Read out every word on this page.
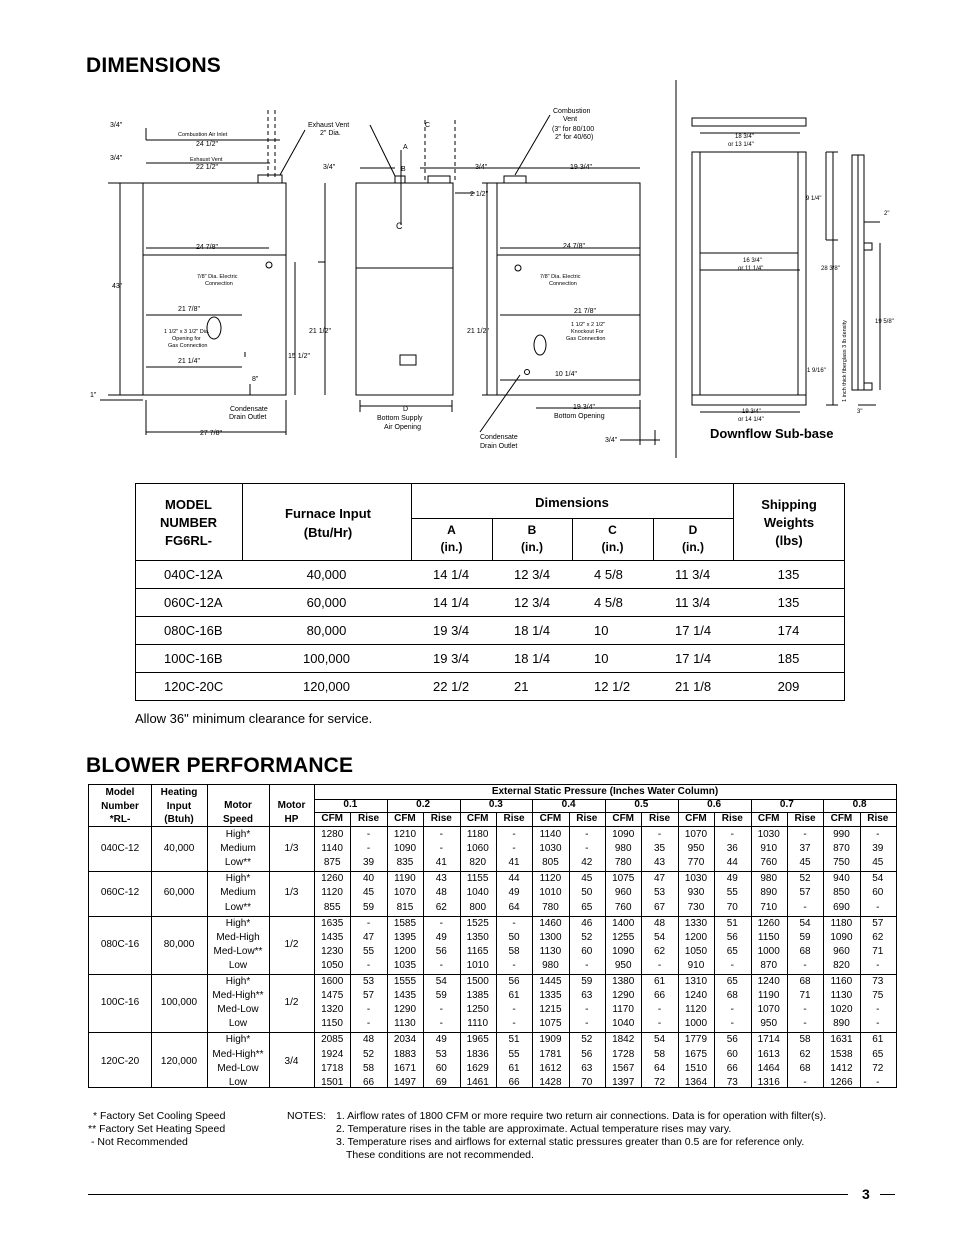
DIMENSIONS
3/4"
3/4"
Combustion Air Inlet
24 1/2"
Exhaust Vent
22 1/2"
24 7/8"
7/8" Dia. Electric
Connection
43"
21 7/8"
1 1/2" x 3 1/2" Dia.
Opening for
Gas Connection
21 1/4"
21 1/2"
15 1/2"
8"
1"
Condensate
Drain Outlet
27 7/8"
Exhaust Vent
2" Dia.
C
A
B
3/4"
C
D
Bottom Supply
Air Opening
Combustion
Vent
(3" for 80/100
2" for 40/60)
3/4"	19 3/4"
2 1/2"
24 7/8"
7/8" Dia. Electric
Connection
21 7/8"
21 1/2"
1 1/2" x 2 1/2"
Knockout For
Gas Connection
10 1/4"
19 3/4"
Bottom Opening
Condensate
Drain Outlet
3/4"
18 3/4"
or 13 1/4"
9 1/4"
2"
16 3/4"
or 11 1/4"	28 3/8"
19 5/8"
1 inch thick fiberglass 3 lb density
1 9/16"
19 3/4"
or 14 1/4"
3"
Downflow Sub-base
MODEL
NUMBER
FG6RL-
Furnace Input
(Btu/Hr)
Dimensions	Shipping
Weights
(lbs)
A
(in.)
B
(in.)
C
(in.)
D
(in.)
040C-12A	40,000	14 1/4	12 3/4	4 5/8	11 3/4	135
060C-12A	60,000	14 1/4	12 3/4	4 5/8	11 3/4	135
080C-16B	80,000	19 3/4	18 1/4	10	17 1/4	174
100C-16B	100,000	19 3/4	18 1/4	10	17 1/4	185
120C-20C	120,000	22 1/2	21	12 1/2	21 1/8	209
Allow 36" minimum clearance for service.
BLOWER PERFORMANCE
Model
Number
*RL-
Heating
Input
(Btuh)
Motor
Speed
Motor
HP
External Static Pressure (Inches Water Column)
0.1
CFM	Rise
0.2
CFM	Rise
0.3
CFM	Rise
0.4
CFM	Rise
0.5
CFM	Rise
0.6
CFM	Rise
0.7
CFM	Rise
0.8
CFM	Rise
040C-12	40,000	1/3
High*	1280	-	1210	-	1180	-	1140	-	1090	-	1070	-	1030	-	990	-
Medium	1140	-	1090	-	1060	-	1030	-	980	35	950	36	910	37	870	39
Low**	875	39	835	41	820	41	805	42	780	43	770	44	760	45	750	45
060C-12	60,000	1/3
High*	1260	40	1190	43	1155	44	1120	45	1075	47	1030	49	980	52	940	54
Medium	1120	45	1070	48	1040	49	1010	50	960	53	930	55	890	57	850	60
Low**	855	59	815	62	800	64	780	65	760	67	730	70	710	-	690	-
080C-16	80,000	1/2
High*	1635	-	1585	-	1525	-	1460	46	1400	48	1330	51	1260	54	1180	57
Med-High	1435	47	1395	49	1350	50	1300	52	1255	54	1200	56	1150	59	1090	62
Med-Low**	1230	55	1200	56	1165	58	1130	60	1090	62	1050	65	1000	68	960	71
Low	1050	-	1035	-	1010	-	980	-	950	-	910	-	870	-	820	-
100C-16	100,000	1/2
High*	1600	53	1555	54	1500	56	1445	59	1380	61	1310	65	1240	68	1160	73
Med-High**	1475	57	1435	59	1385	61	1335	63	1290	66	1240	68	1190	71	1130	75
Med-Low	1320	-	1290	-	1250	-	1215	-	1170	-	1120	-	1070	-	1020	-
Low	1150	-	1130	-	1110	-	1075	-	1040	-	1000	-	950	-	890	-
120C-20	120,000	3/4
High*	2085	48	2034	49	1965	51	1909	52	1842	54	1779	56	1714	58	1631	61
Med-High**	1924	52	1883	53	1836	55	1781	56	1728	58	1675	60	1613	62	1538	65
Med-Low	1718	58	1671	60	1629	61	1612	63	1567	64	1510	66	1464	68	1412	72
Low	1501	66	1497	69	1461	66	1428	70	1397	72	1364	73	1316	-	1266	-
* Factory Set Cooling Speed
** Factory Set Heating Speed
- Not Recommended
NOTES: 1. Airflow rates of 1800 CFM or more require two return air connections. Data is for operation with filter(s).
2. Temperature rises in the table are approximate. Actual temperature rises may vary.
3. Temperature rises and airflows for external static pressures greater than 0.5 are for reference only.
These conditions are not recommended.
3
